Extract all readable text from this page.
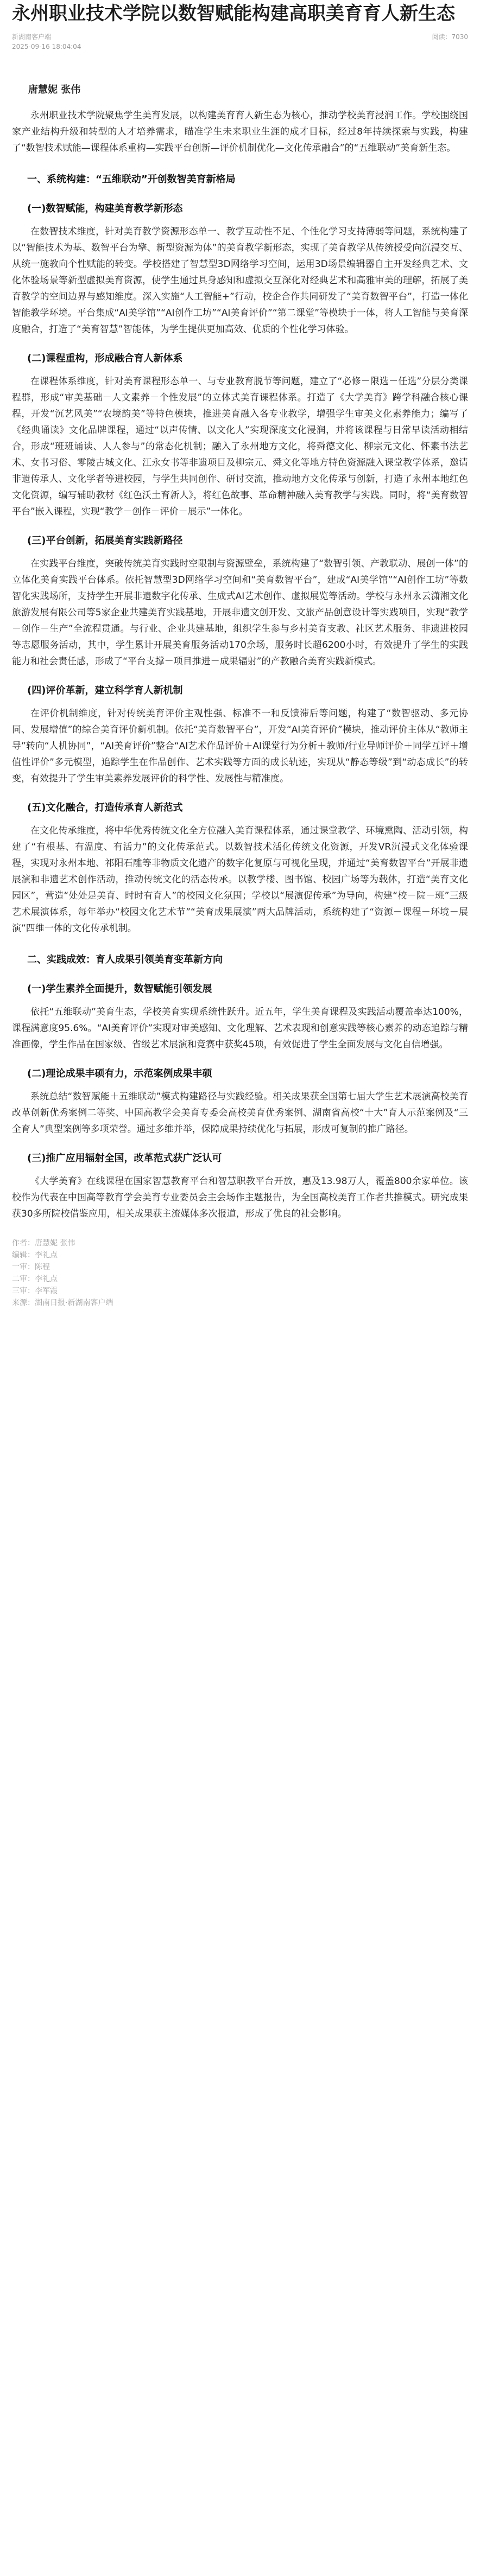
永州职业技术学院以数智赋能构建高职美育育人新生态
新湖南客户端	阅读：7030
2025-09-16 18:04:04
唐慧妮 张伟

永州职业技术学院聚焦学生美育发展，以构建美育育人新生态为核心，推动学校美育浸润工作。学校围绕国家产业结构升级和转型的人才培养需求，瞄准学生未来职业生涯的成才目标，经过8年持续探索与实践，构建了“数智技术赋能—课程体系重构—实践平台创新—评价机制优化—文化传承融合”的“五维联动”美育新生态。

一、系统构建：“五维联动”开创数智美育新格局
(一)数智赋能，构建美育教学新形态

在数智技术维度，针对美育教学资源形态单一、教学互动性不足、个性化学习支持薄弱等问题，系统构建了以“智能技术为基、数智平台为擎、新型资源为体”的美育教学新形态，实现了美育教学从传统授受向沉浸交互、从统一施教向个性赋能的转变。学校搭建了智慧型3D网络学习空间，运用3D场景编辑器自主开发经典艺术、文化体验场景等新型虚拟美育资源，使学生通过具身感知和虚拟交互深化对经典艺术和高雅审美的理解，拓展了美育教学的空间边界与感知维度。深入实施“人工智能+”行动，校企合作共同研发了“美育数智平台”，打造一体化智能教学环境。平台集成“AI美学馆”“AI创作工坊”“AI美育评价”“第二课堂”等模块于一体，将人工智能与美育深度融合，打造了“美育智慧”智能体，为学生提供更加高效、优质的个性化学习体验。

(二)课程重构，形成融合育人新体系

在课程体系维度，针对美育课程形态单一、与专业教育脱节等问题，建立了“必修－限选－任选”分层分类课程群，形成“审美基础－人文素养－个性发展”的立体式美育课程体系。打造了《大学美育》跨学科融合核心课程，开发“沉艺风美”“农境韵美”等特色模块，推进美育融入各专业教学，增强学生审美文化素养能力；编写了《经典诵读》文化品牌课程，通过“以声传情、以文化人”实现深度文化浸润，并将该课程与日常早读活动相结合，形成“班班诵读、人人参与”的常态化机制；融入了永州地方文化，将舜德文化、柳宗元文化、怀素书法艺术、女书习俗、零陵古城文化、江永女书等非遗项目及柳宗元、舜文化等地方特色资源融入课堂教学体系，邀请非遗传承人、文化学者等进校园，与学生共同创作、研讨交流，推动地方文化传承与创新，打造了永州本地红色文化资源，编写辅助教材《红色沃土育新人》，将红色故事、革命精神融入美育教学与实践。同时，将“美育数智平台”嵌入课程，实现“教学－创作－评价－展示”一体化。

(三)平台创新，拓展美育实践新路径

在实践平台维度，突破传统美育实践时空限制与资源壁垒，系统构建了“数智引领、产教联动、展创一体”的立体化美育实践平台体系。依托智慧型3D网络学习空间和“美育数智平台”，建成“AI美学馆”“AI创作工坊”等数智化实践场所，支持学生开展非遗数字化传承、生成式AI艺术创作、虚拟展览等活动。学校与永州永云潇湘文化旅游发展有限公司等5家企业共建美育实践基地，开展非遗文创开发、文旅产品创意设计等实践项目，实现“教学－创作－生产”全流程贯通。与行业、企业共建基地，组织学生参与乡村美育支教、社区艺术服务、非遗进校园等志愿服务活动，其中，学生累计开展美育服务活动170余场，服务时长超6200小时，有效提升了学生的实践能力和社会责任感，形成了“平台支撑－项目推进－成果辐射”的产教融合美育实践新模式。

(四)评价革新，建立科学育人新机制

在评价机制维度，针对传统美育评价主观性强、标准不一和反馈滞后等问题，构建了“数智驱动、多元协同、发展增值”的综合美育评价新机制。依托“美育数智平台”，开发“AI美育评价”模块，推动评价主体从“教师主导”转向“人机协同”，“AI美育评价”整合“AI艺术作品评价＋AI课堂行为分析＋教师/行业导师评价＋同学互评＋增值性评价”多元模型，追踪学生在作品创作、艺术实践等方面的成长轨迹，实现从“静态等级”到“动态成长”的转变，有效提升了学生审美素养发展评价的科学性、发展性与精准度。

(五)文化融合，打造传承育人新范式

在文化传承维度，将中华优秀传统文化全方位融入美育课程体系，通过课堂教学、环境熏陶、活动引领，构建了“有根基、有温度、有活力”的文化传承范式。以数智技术活化传统文化资源，开发VR沉浸式文化体验课程，实现对永州本地、祁阳石雕等非物质文化遗产的数字化复原与可视化呈现，并通过“美育数智平台”开展非遗展演和非遗艺术创作活动，推动传统文化的活态传承。以教学楼、图书馆、校园广场等为载体，打造“美育文化园区”，营造“处处是美育、时时有育人”的校园文化氛围；学校以“展演促传承”为导向，构建“校－院－班”三级艺术展演体系，每年举办“校园文化艺术节”“美育成果展演”两大品牌活动，系统构建了“资源－课程－环境－展演”四维一体的文化传承机制。

二、实践成效：育人成果引领美育变革新方向
(一)学生素养全面提升，数智赋能引领发展

依托“五维联动”美育生态，学校美育实现系统性跃升。近五年，学生美育课程及实践活动覆盖率达100%，课程满意度95.6%。“AI美育评价”实现对审美感知、文化理解、艺术表现和创意实践等核心素养的动态追踪与精准画像，学生作品在国家级、省级艺术展演和竞赛中获奖45项，有效促进了学生全面发展与文化自信增强。

(二)理论成果丰硕有力，示范案例成果丰硕

系统总结“数智赋能＋五维联动”模式构建路径与实践经验。相关成果获全国第七届大学生艺术展演高校美育改革创新优秀案例二等奖、中国高教学会美育专委会高校美育优秀案例、湖南省高校“十大”育人示范案例及“三全育人”典型案例等多项荣誉。通过多维并举，保障成果持续优化与拓展，形成可复制的推广路径。

(三)推广应用辐射全国，改革范式获广泛认可

《大学美育》在线课程在国家智慧教育平台和智慧职教平台开放，惠及13.98万人，覆盖800余家单位。该校作为代表在中国高等教育学会美育专业委员会主会场作主题报告，为全国高校美育工作者共推模式。研究成果获30多所院校借鉴应用，相关成果获主流媒体多次报道，形成了优良的社会影响。

作者：唐慧妮 张伟

编辑：李礼点

一审：陈程

二审：李礼点

三审：李军霞

来源：湖南日报·新湖南客户端
